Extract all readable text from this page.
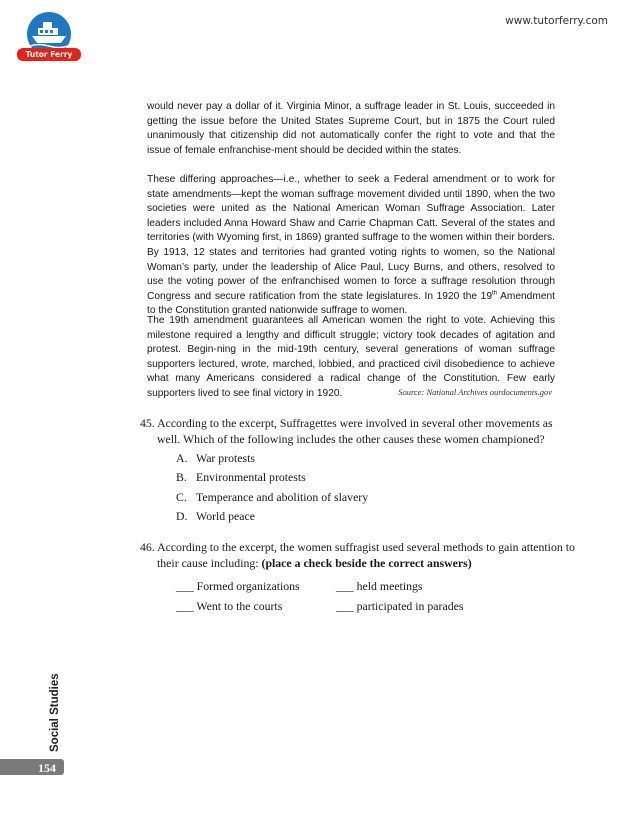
Tutor Ferry
www.tutorferry.com
would never pay a dollar of it. Virginia Minor, a suffrage leader in St. Louis, succeeded in getting the issue before the United States Supreme Court, but in 1875 the Court ruled unanimously that citizenship did not automatically confer the right to vote and that the issue of female enfranchise-ment should be decided within the states.
These differing approaches—i.e., whether to seek a Federal amendment or to work for state amendments—kept the woman suffrage movement divided until 1890, when the two societies were united as the National American Woman Suffrage Association. Later leaders included Anna Howard Shaw and Carrie Chapman Catt. Several of the states and territories (with Wyoming first, in 1869) granted suffrage to the women within their borders. By 1913, 12 states and territories had granted voting rights to women, so the National Woman’s party, under the leadership of Alice Paul, Lucy Burns, and others, resolved to use the voting power of the enfranchised women to force a suffrage resolution through Congress and secure ratification from the state legislatures. In 1920 the 19th Amendment to the Constitution granted nationwide suffrage to women.
The 19th amendment guarantees all American women the right to vote. Achieving this milestone required a lengthy and difficult struggle; victory took decades of agitation and protest. Begin-ning in the mid-19th century, several generations of woman suffrage supporters lectured, wrote, marched, lobbied, and practiced civil disobedience to achieve what many Americans considered a radical change of the Constitution. Few early supporters lived to see final victory in 1920.	Source: National Archives ourdocuments.gov
45. According to the excerpt, Suffragettes were involved in several other movements as well. Which of the following includes the other causes these women championed?
A. War protests
B. Environmental protests
C. Temperance and abolition of slavery
D. World peace
46. According to the excerpt, the women suffragist used several methods to gain attention to their cause including: (place a check beside the correct answers)
___ Formed organizations	___ held meetings
___ Went to the courts	___ participated in parades
Social Studies
154
